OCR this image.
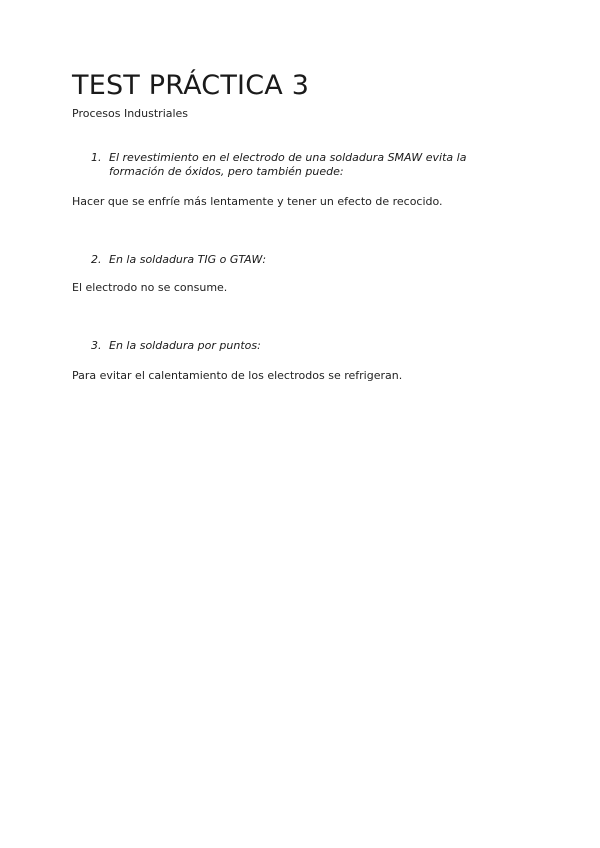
TEST PRÁCTICA 3
Procesos Industriales
1. El revestimiento en el electrodo de una soldadura SMAW evita la formación de óxidos, pero también puede:
Hacer que se enfríe más lentamente y tener un efecto de recocido.
2. En la soldadura TIG o GTAW:
El electrodo no se consume.
3. En la soldadura por puntos:
Para evitar el calentamiento de los electrodos se refrigeran.
